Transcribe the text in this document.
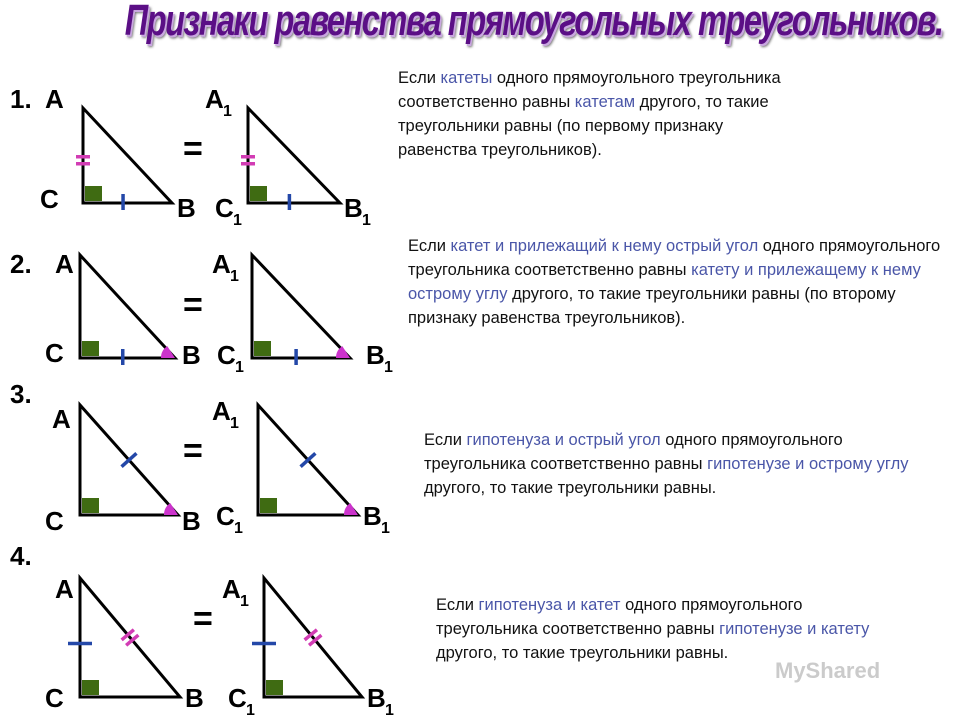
Признаки равенства прямоугольных треугольников.
A
C	B
A 1
C 1	B 1
1.
=
A
C	B
A 1
C 1	B 1
2.
=
A
C	B
A 1
C 1	B 1
3.
=
A
C	B
A 1
C 1	B 1
4.
=

Если катеты одного прямоугольного треугольника соответственно равны катетам другого, то такие треугольники равны (по первому признаку равенства треугольников).

Если катет и прилежащий к нему острый угол одного прямоугольного треугольника соответственно равны катету и прилежащему к нему острому углу другого, то такие треугольники равны (по второму признаку равенства треугольников).

Если гипотенуза и острый угол одного прямоугольного треугольника соответственно равны гипотенузе и острому углу другого, то такие треугольники равны.

Если гипотенуза и катет одного прямоугольного треугольника соответственно равны гипотенузе и катету другого, то такие треугольники равны.

MyShared
